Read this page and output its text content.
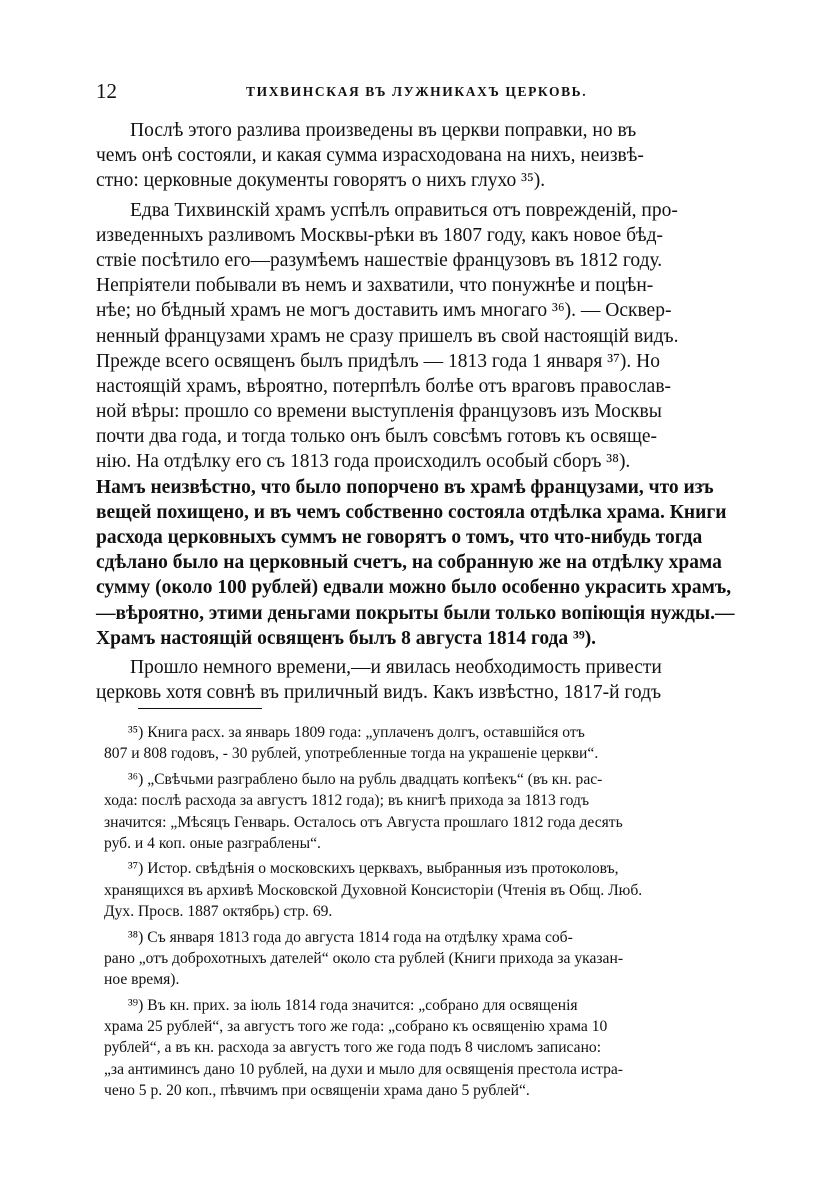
12	ТИХВИНСКАЯ ВЪ ЛУЖНИКАХЪ ЦЕРКОВЬ.
Послѣ этого разлива произведены въ церкви поправки, но въ
чемъ онѣ состояли, и какая сумма израсходована на нихъ, неизвѣ-
стно: церковные документы говорятъ о нихъ глухо ³⁵).
Едва Тихвинскій храмъ успѣлъ оправиться отъ поврежденій, про-
изведенныхъ разливомъ Москвы-рѣки въ 1807 году, какъ новое бѣд-
ствіе посѣтило его—разумѣемъ нашествіе французовъ въ 1812 году.
Непріятели побывали въ немъ и захватили, что понужнѣе и поцѣн-
нѣе; но бѣдный храмъ не могъ доставить имъ многаго ³⁶). — Осквер-
ненный французами храмъ не сразу пришелъ въ свой настоящій видъ.
Прежде всего освященъ былъ придѣлъ — 1813 года 1 января ³⁷). Но
настоящій храмъ, вѣроятно, потерпѣлъ болѣе отъ враговъ православ-
ной вѣры: прошло со времени выступленія французовъ изъ Москвы
почти два года, и тогда только онъ былъ совсѣмъ готовъ къ освяще-
нію. На отдѣлку его съ 1813 года происходилъ особый сборъ ³⁸).
Намъ неизвѣстно, что было попорчено въ храмѣ французами, что изъ
вещей похищено, и въ чемъ собственно состояла отдѣлка храма. Книги
расхода церковныхъ суммъ не говорятъ о томъ, что что-нибудь тогда
сдѣлано было на церковный счетъ, на собранную же на отдѣлку храма
сумму (около 100 рублей) едвали можно было особенно украсить храмъ,
—вѣроятно, этими деньгами покрыты были только вопіющія нужды.—
Храмъ настоящій освященъ былъ 8 августа 1814 года ³⁹).
Прошло немного времени,—и явилась необходимость привести
церковь хотя совнѣ въ приличный видъ. Какъ извѣстно, 1817-й годъ
³⁵) Книга расх. за январь 1809 года: „уплаченъ долгъ, оставшійся отъ
807 и 808 годовъ, - 30 рублей, употребленные тогда на украшеніе церкви“.
³⁶) „Свѣчьми разграблено было на рубль двадцать копѣекъ“ (въ кн. рас-
хода: послѣ расхода за августъ 1812 года); въ книгѣ прихода за 1813 годъ
значится: „Мѣсяцъ Генварь. Осталось отъ Августа прошлаго 1812 года десять
руб. и 4 коп. оные разграблены“.
³⁷) Истор. свѣдѣнія о московскихъ церквахъ, выбранныя изъ протоколовъ,
хранящихся въ архивѣ Московской Духовной Консисторіи (Чтенія въ Общ. Люб.
Дух. Просв. 1887 октябрь) стр. 69.
³⁸) Съ января 1813 года до августа 1814 года на отдѣлку храма соб-
рано „отъ доброхотныхъ дателей“ около ста рублей (Книги прихода за указан-
ное время).
³⁹) Въ кн. прих. за іюль 1814 года значится: „собрано для освященія
храма 25 рублей“, за августъ того же года: „собрано къ освященію храма 10
рублей“, а въ кн. расхода за августъ того же года подъ 8 числомъ записано:
„за антиминсъ дано 10 рублей, на духи и мыло для освященія престола истра-
чено 5 р. 20 коп., пѣвчимъ при освященіи храма дано 5 рублей“.
